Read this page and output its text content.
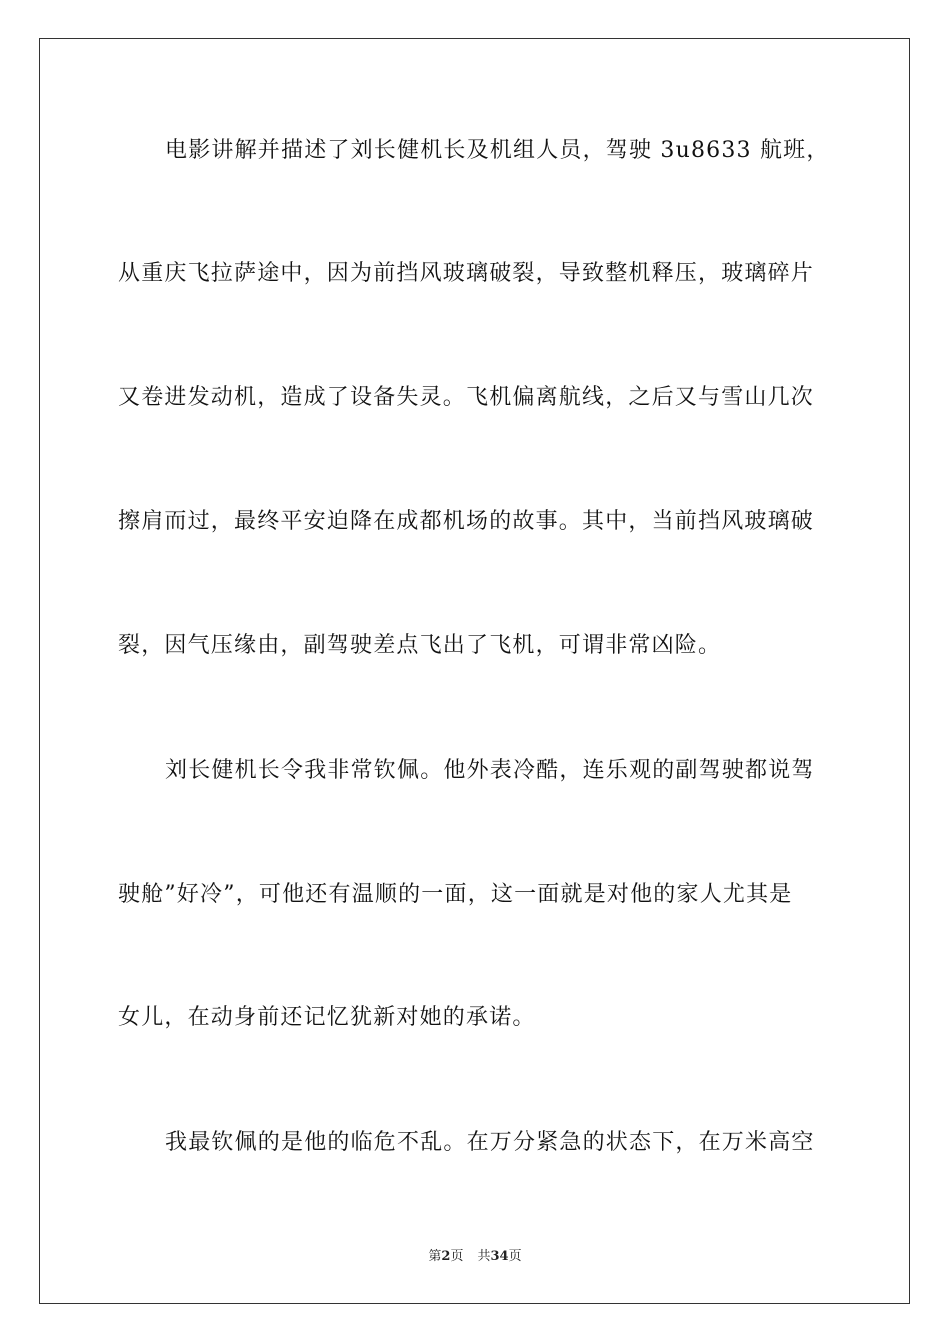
电影讲解并描述了刘长健机长及机组人员，驾驶 3u8633 航班，
从重庆飞拉萨途中，因为前挡风玻璃破裂，导致整机释压，玻璃碎片
又卷进发动机，造成了设备失灵。飞机偏离航线，之后又与雪山几次
擦肩而过，最终平安迫降在成都机场的故事。其中，当前挡风玻璃破
裂，因气压缘由，副驾驶差点飞出了飞机，可谓非常凶险。
刘长健机长令我非常钦佩。他外表冷酷，连乐观的副驾驶都说驾
驶舱”好冷”，可他还有温顺的一面，这一面就是对他的家人尤其是
女儿，在动身前还记忆犹新对她的承诺。
我最钦佩的是他的临危不乱。在万分紧急的状态下，在万米高空
第2页 共34页
